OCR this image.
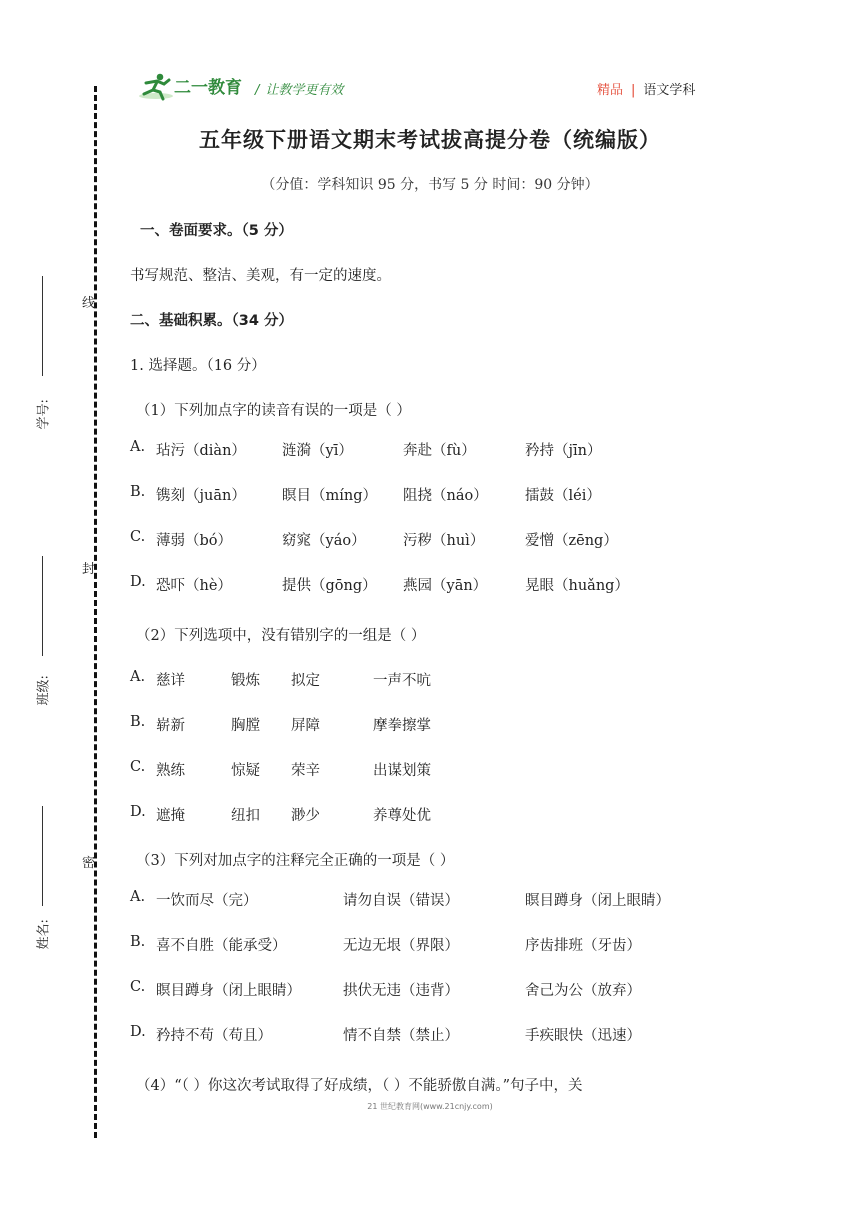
二一教育 / 让教学更有效	精品 | 语文学科
五年级下册语文期末考试拔高提分卷（统编版）
（分值：学科知识 95 分，书写 5 分 时间：90 分钟）
线
封
密
学号:
班级:
姓名:
一、卷面要求。（5 分）
书写规范、整洁、美观，有一定的速度。
二、基础积累。（34 分）
1. 选择题。（16 分）
（1）下列加点字的读音有误的一项是（ ）
A. 玷污（diàn） 涟漪（yī）	奔赴（fù）	矜持（jīn）
B. 镌刻（juān） 瞑目（míng） 阻挠（náo）	擂鼓（léi）
C. 薄弱（bó）	窈窕（yáo）	污秽（huì）	爱憎（zēng）
D. 恐吓（hè）	提供（gōng） 燕园（yān）	晃眼（huǎng）
（2）下列选项中，没有错别字的一组是（ ）
A. 慈详	锻炼 拟定	一声不吭
B. 崭新	胸膛 屏障	摩拳擦掌
C. 熟练	惊疑 荣辛	出谋划策
D. 遮掩	纽扣 渺少	养尊处优
（3）下列对加点字的注释完全正确的一项是（ ）
A. 一饮而尽（完）	请勿自误（错误）	瞑目蹲身（闭上眼睛）
B. 喜不自胜（能承受）	无边无垠（界限）	序齿排班（牙齿）
C. 瞑目蹲身（闭上眼睛）	拱伏无违（违背）	舍己为公（放弃）
D. 矜持不苟（苟且）	情不自禁（禁止）	手疾眼快（迅速）
（4）“（ ）你这次考试取得了好成绩，（ ）不能骄傲自满。”句子中，关
21 世纪教育网(www.21cnjy.com)
